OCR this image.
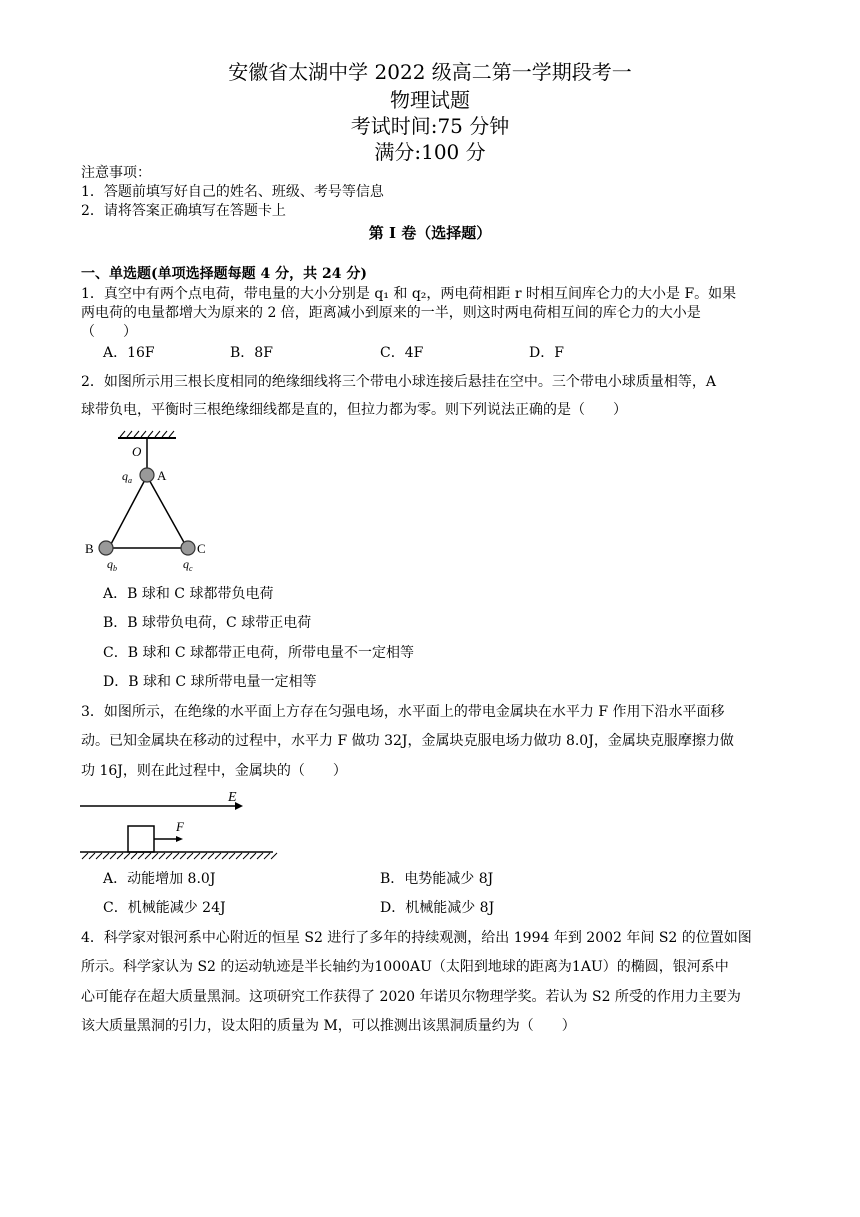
安徽省太湖中学 2022 级高二第一学期段考一
物理试题
考试时间:75 分钟
满分:100 分
注意事项：
1．答题前填写好自己的姓名、班级、考号等信息
2．请将答案正确填写在答题卡上
第 I 卷（选择题）
一、单选题(单项选择题每题 4 分，共 24 分)
1．真空中有两个点电荷，带电量的大小分别是 q₁ 和 q₂，两电荷相距 r 时相互间库仑力的大小是 F。如果
两电荷的电量都增大为原来的 2 倍，距离减小到原来的一半，则这时两电荷相互间的库仑力的大小是
（　　）
A．16F	B．8F	C．4F	D．F
2．如图所示用三根长度相同的绝缘细线将三个带电小球连接后悬挂在空中。三个带电小球质量相等，A
球带负电，平衡时三根绝缘细线都是直的，但拉力都为零。则下列说法正确的是（　　）
O
A
B	C
$q_a$
$q_b$	$q_c$
A．B 球和 C 球都带负电荷
B．B 球带负电荷，C 球带正电荷
C．B 球和 C 球都带正电荷，所带电量不一定相等
D．B 球和 C 球所带电量一定相等
3．如图所示，在绝缘的水平面上方存在匀强电场，水平面上的带电金属块在水平力 F 作用下沿水平面移
动。已知金属块在移动的过程中，水平力 F 做功 32J，金属块克服电场力做功 8.0J，金属块克服摩擦力做
功 16J，则在此过程中，金属块的（　　）
E
F
A．动能增加 8.0J	B．电势能减少 8J
C．机械能减少 24J	D．机械能减少 8J
4．科学家对银河系中心附近的恒星 S2 进行了多年的持续观测，给出 1994 年到 2002 年间 S2 的位置如图
所示。科学家认为 S2 的运动轨迹是半长轴约为1000AU（太阳到地球的距离为1AU）的椭圆，银河系中
心可能存在超大质量黑洞。这项研究工作获得了 2020 年诺贝尔物理学奖。若认为 S2 所受的作用力主要为
该大质量黑洞的引力，设太阳的质量为 M，可以推测出该黑洞质量约为（　　）
